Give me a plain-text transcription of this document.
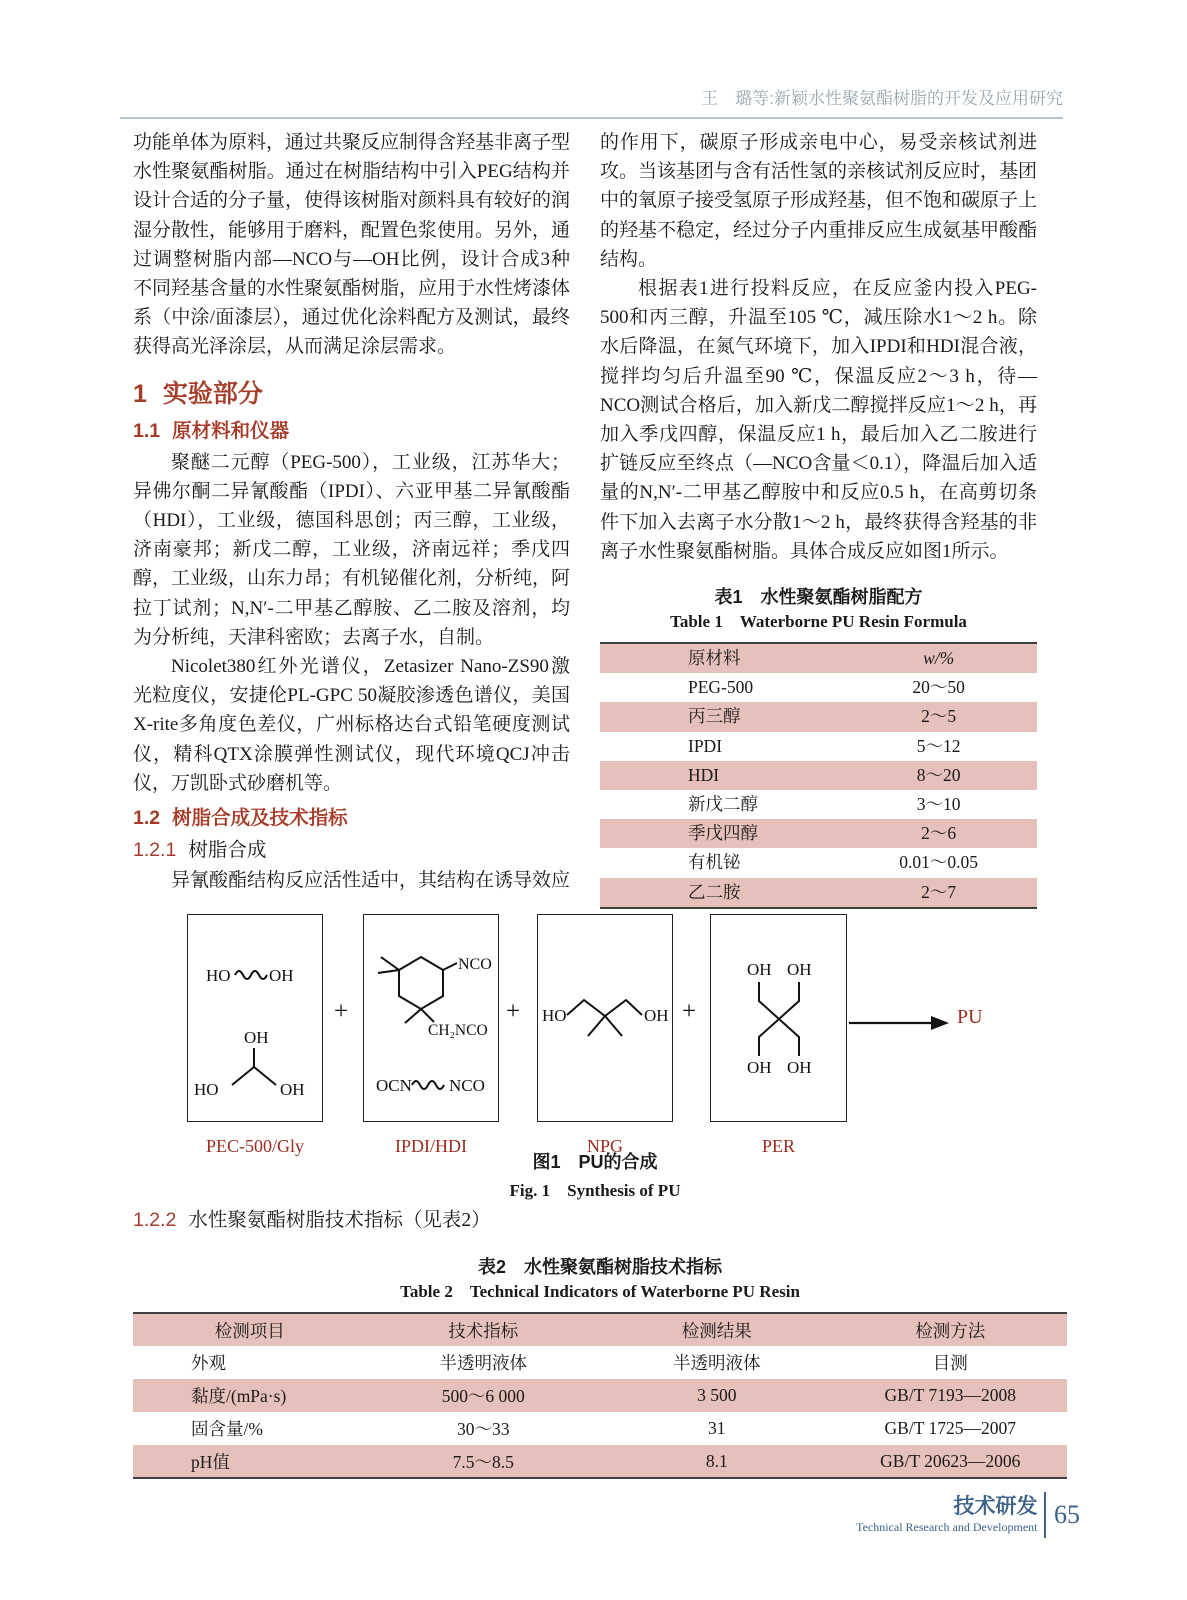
王　璐等:新颖水性聚氨酯树脂的开发及应用研究

功能单体为原料，通过共聚反应制得含羟基非离子型水性聚氨酯树脂。通过在树脂结构中引入PEG结构并设计合适的分子量，使得该树脂对颜料具有较好的润湿分散性，能够用于磨料，配置色浆使用。另外，通过调整树脂内部—NCO与—OH比例，设计合成3种不同羟基含量的水性聚氨酯树脂，应用于水性烤漆体系（中涂/面漆层），通过优化涂料配方及测试，最终获得高光泽涂层，从而满足涂层需求。

1 实验部分

1.1 原材料和仪器

聚醚二元醇（PEG-500），工业级，江苏华大；异佛尔酮二异氰酸酯（IPDI）、六亚甲基二异氰酸酯（HDI），工业级，德国科思创；丙三醇，工业级，济南豪邦；新戊二醇，工业级，济南远祥；季戊四醇，工业级，山东力昂；有机铋催化剂，分析纯，阿拉丁试剂；N,N′-二甲基乙醇胺、乙二胺及溶剂，均为分析纯，天津科密欧；去离子水，自制。

Nicolet380红外光谱仪，Zetasizer Nano-ZS90激光粒度仪，安捷伦PL-GPC 50凝胶渗透色谱仪，美国X-rite多角度色差仪，广州标格达台式铅笔硬度测试仪，精科QTX涂膜弹性测试仪，现代环境QCJ冲击仪，万凯卧式砂磨机等。

1.2 树脂合成及技术指标

1.2.1 树脂合成

异氰酸酯结构反应活性适中，其结构在诱导效应

的作用下，碳原子形成亲电中心，易受亲核试剂进攻。当该基团与含有活性氢的亲核试剂反应时，基团中的氧原子接受氢原子形成羟基，但不饱和碳原子上的羟基不稳定，经过分子内重排反应生成氨基甲酸酯结构。

根据表1进行投料反应，在反应釜内投入PEG-500和丙三醇，升温至105 ℃，减压除水1～2 h。除水后降温，在氮气环境下，加入IPDI和HDI混合液，搅拌均匀后升温至90 ℃，保温反应2～3 h，待—NCO测试合格后，加入新戊二醇搅拌反应1～2 h，再加入季戊四醇，保温反应1 h，最后加入乙二胺进行扩链反应至终点（—NCO含量＜0.1），降温后加入适量的N,N′-二甲基乙醇胺中和反应0.5 h，在高剪切条件下加入去离子水分散1～2 h，最终获得含羟基的非离子水性聚氨酯树脂。具体合成反应如图1所示。

表1　水性聚氨酯树脂配方

Table 1　Waterborne PU Resin Formula

原材料	w/%
PEG-500	20～50
丙三醇	2～5
IPDI	5～12
HDI	8～20
新戊二醇	3～10
季戊四醇	2～6
有机铋	0.01～0.05
乙二胺	2～7
HO OH
OH
HO	OH
+
NCO
CH₂NCO
OCN NCO
+ HO	OH +
OH OH
OH OH
PU
PEC-500/Gly	IPDI/HDI	NPG	PER
图1　PU的合成
Fig. 1　Synthesis of PU
1.2.2 水性聚氨酯树脂技术指标（见表2）

表2　水性聚氨酯树脂技术指标

Table 2　Technical Indicators of Waterborne PU Resin

检测项目	技术指标	检测结果	检测方法
外观	半透明液体	半透明液体	目测
黏度/(mPa·s)	500～6 000	3 500	GB/T 7193—2008
固含量/%	30～33	31	GB/T 1725—2007
pH值	7.5～8.5	8.1	GB/T 20623—2006
技术研发
Technical Research and Development 65
